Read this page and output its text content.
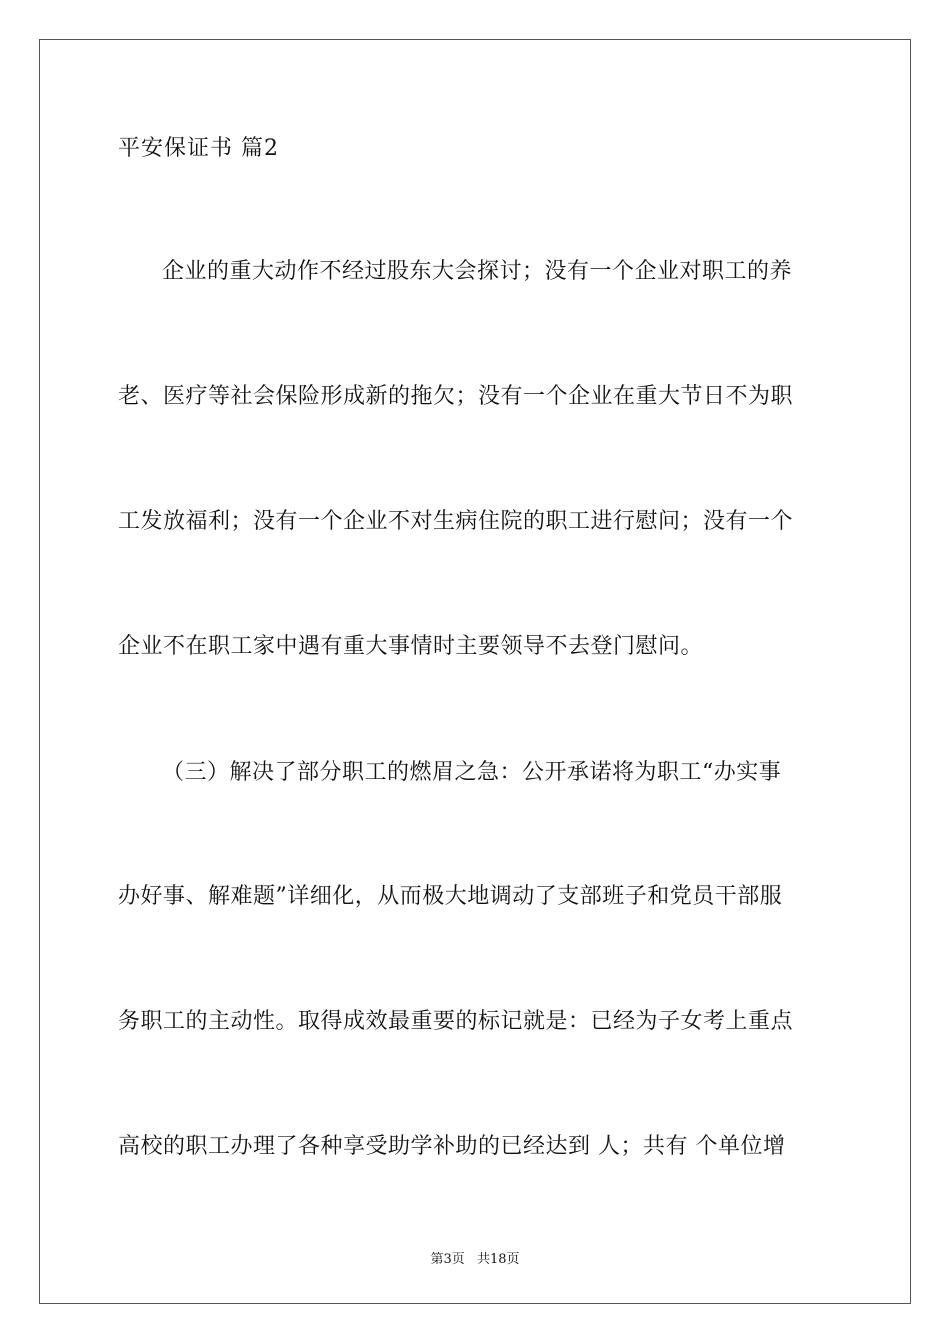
平安保证书 篇2
企业的重大动作不经过股东大会探讨；没有一个企业对职工的养
老、医疗等社会保险形成新的拖欠；没有一个企业在重大节日不为职
工发放福利；没有一个企业不对生病住院的职工进行慰问；没有一个
企业不在职工家中遇有重大事情时主要领导不去登门慰问。
（三）解决了部分职工的燃眉之急：公开承诺将为职工“办实事
办好事、解难题”详细化，从而极大地调动了支部班子和党员干部服
务职工的主动性。取得成效最重要的标记就是：已经为子女考上重点
高校的职工办理了各种享受助学补助的已经达到 人；共有 个单位增
第3页 共18页
